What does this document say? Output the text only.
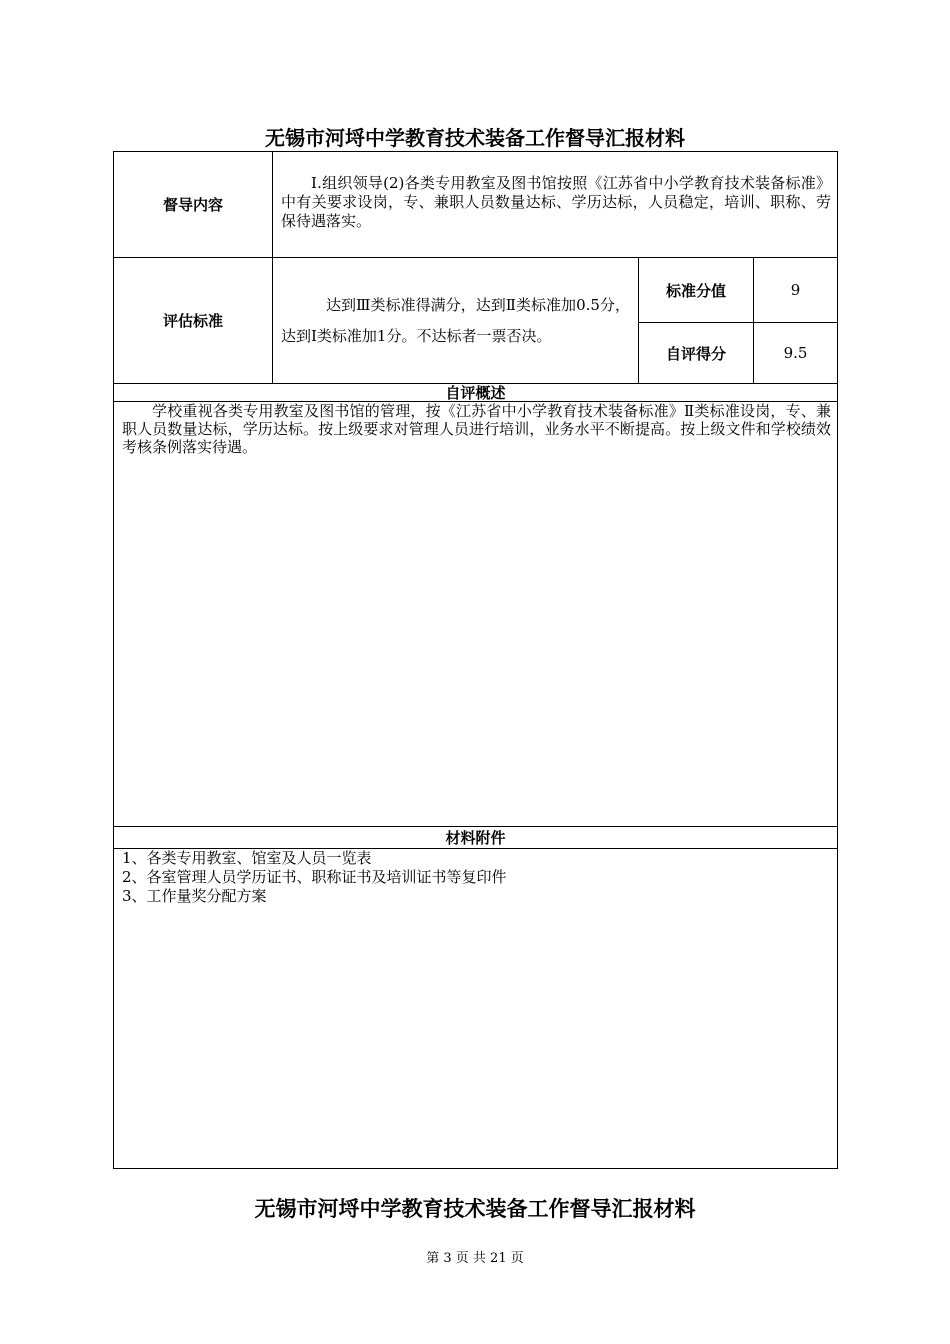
无锡市河埒中学教育技术装备工作督导汇报材料
督导内容	Ⅰ.组织领导(2)各类专用教室及图书馆按照《江苏省中小学教育技术装备标准》中有关要求设岗，专、兼职人员数量达标、学历达标，人员稳定，培训、职称、劳保待遇落实。		

评估标准	达到Ⅲ类标准得满分，达到Ⅱ类标准加0.5分，达到Ⅰ类标准加1分。不达标者一票否决。	标准分值	9
		自评得分	9.5
自评概述			

学校重视各类专用教室及图书馆的管理，按《江苏省中小学教育技术装备标准》Ⅱ类标准设岗，专、兼职人员数量达标，学历达标。按上级要求对管理人员进行培训，业务水平不断提高。按上级文件和学校绩效考核条例落实待遇。			

材料附件			

1、各类专用教室、馆室及人员一览表
2、各室管理人员学历证书、职称证书及培训证书等复印件
3、工作量奖分配方案			
无锡市河埒中学教育技术装备工作督导汇报材料
第 3 页 共 21 页
